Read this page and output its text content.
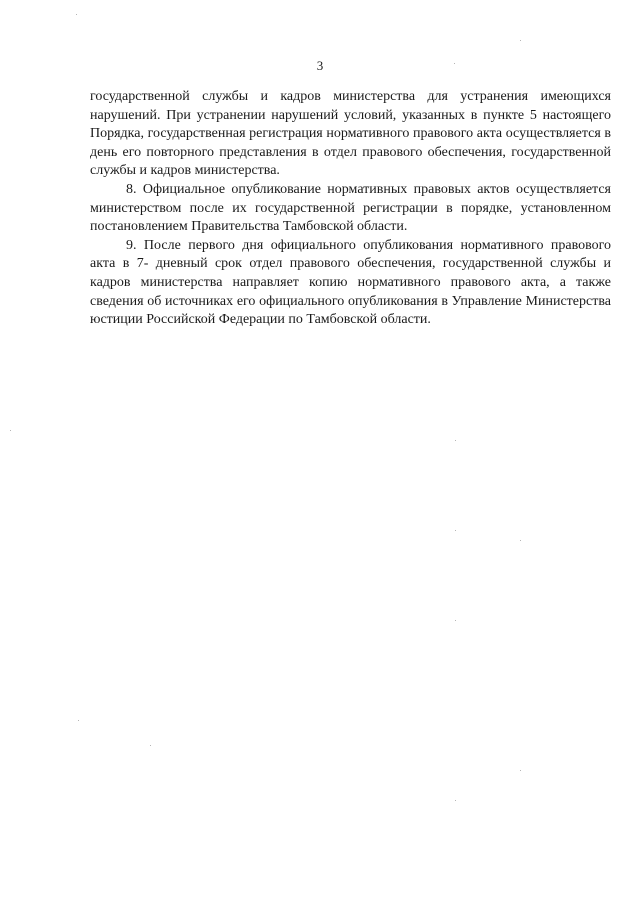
3

государственной службы и кадров министерства для устранения имеющихся нарушений. При устранении нарушений условий, указанных в пункте 5 настоящего Порядка, государственная регистрация нормативного правового акта осуществляется в день его повторного представления в отдел правового обеспечения, государственной службы и кадров министерства.

8. Официальное опубликование нормативных правовых актов осуществляется министерством после их государственной регистрации в порядке, установленном постановлением Правительства Тамбовской области.

9. После первого дня официального опубликования нормативного правового акта в 7- дневный срок отдел правового обеспечения, государственной службы и кадров министерства направляет копию нормативного правового акта, а также сведения об источниках его официального опубликования в Управление Министерства юстиции Российской Федерации по Тамбовской области.
